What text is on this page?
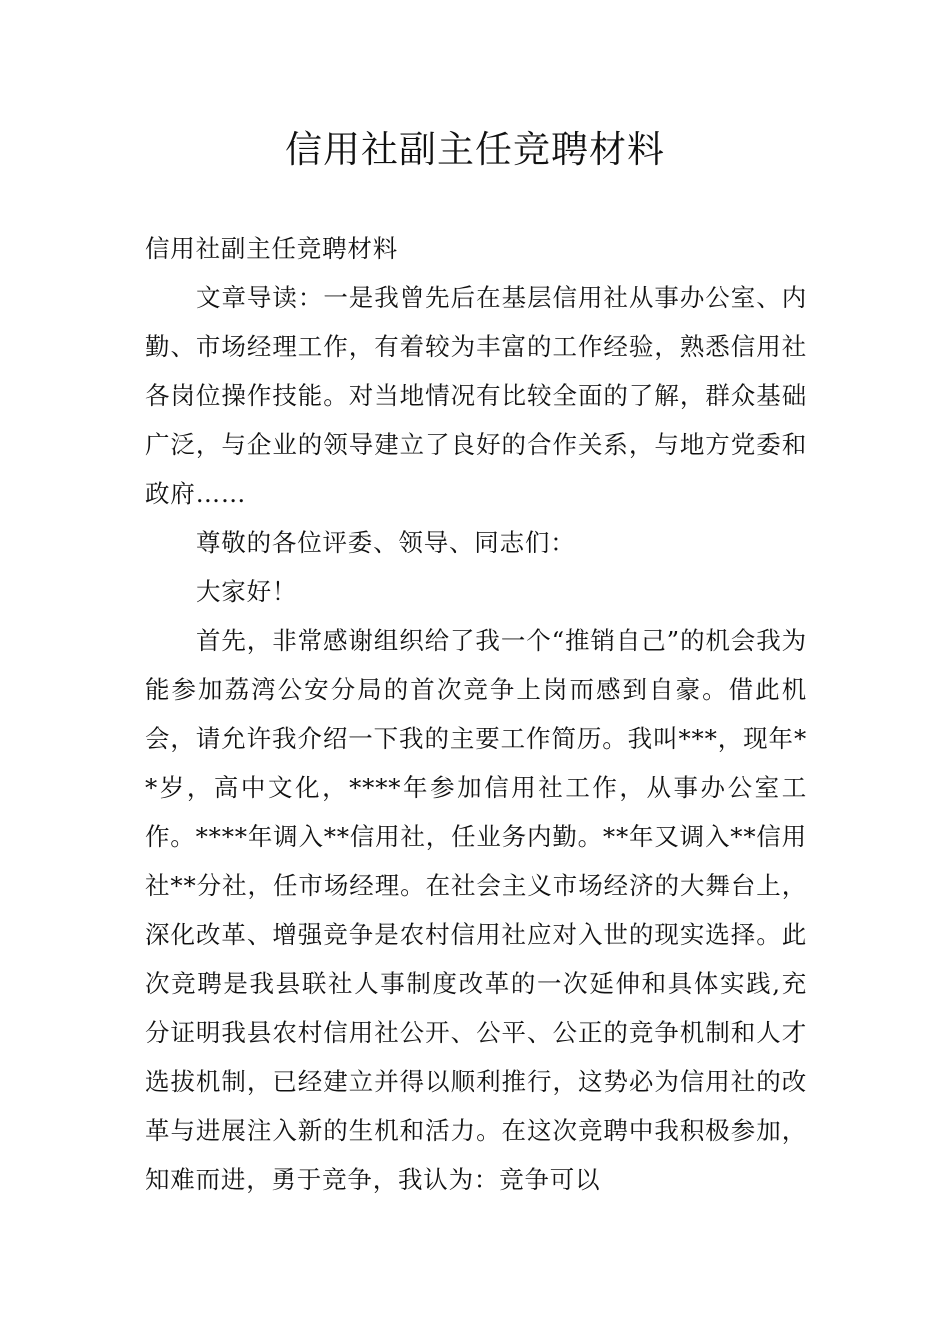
信用社副主任竞聘材料

信用社副主任竞聘材料

文章导读：一是我曾先后在基层信用社从事办公室、内勤、市场经理工作，有着较为丰富的工作经验，熟悉信用社各岗位操作技能。对当地情况有比较全面的了解，群众基础广泛，与企业的领导建立了良好的合作关系，与地方党委和政府……

尊敬的各位评委、领导、同志们：

大家好！

首先，非常感谢组织给了我一个“推销自己”的机会我为能参加荔湾公安分局的首次竞争上岗而感到自豪。借此机会，请允许我介绍一下我的主要工作简历。我叫***，现年**岁，高中文化，****年参加信用社工作，从事办公室工作。****年调入**信用社，任业务内勤。**年又调入**信用社**分社，任市场经理。在社会主义市场经济的大舞台上，深化改革、增强竞争是农村信用社应对入世的现实选择。此次竞聘是我县联社人事制度改革的一次延伸和具体实践,充分证明我县农村信用社公开、公平、公正的竞争机制和人才选拔机制，已经建立并得以顺利推行，这势必为信用社的改革与进展注入新的生机和活力。在这次竞聘中我积极参加，知难而进，勇于竞争，我认为：竞争可以
